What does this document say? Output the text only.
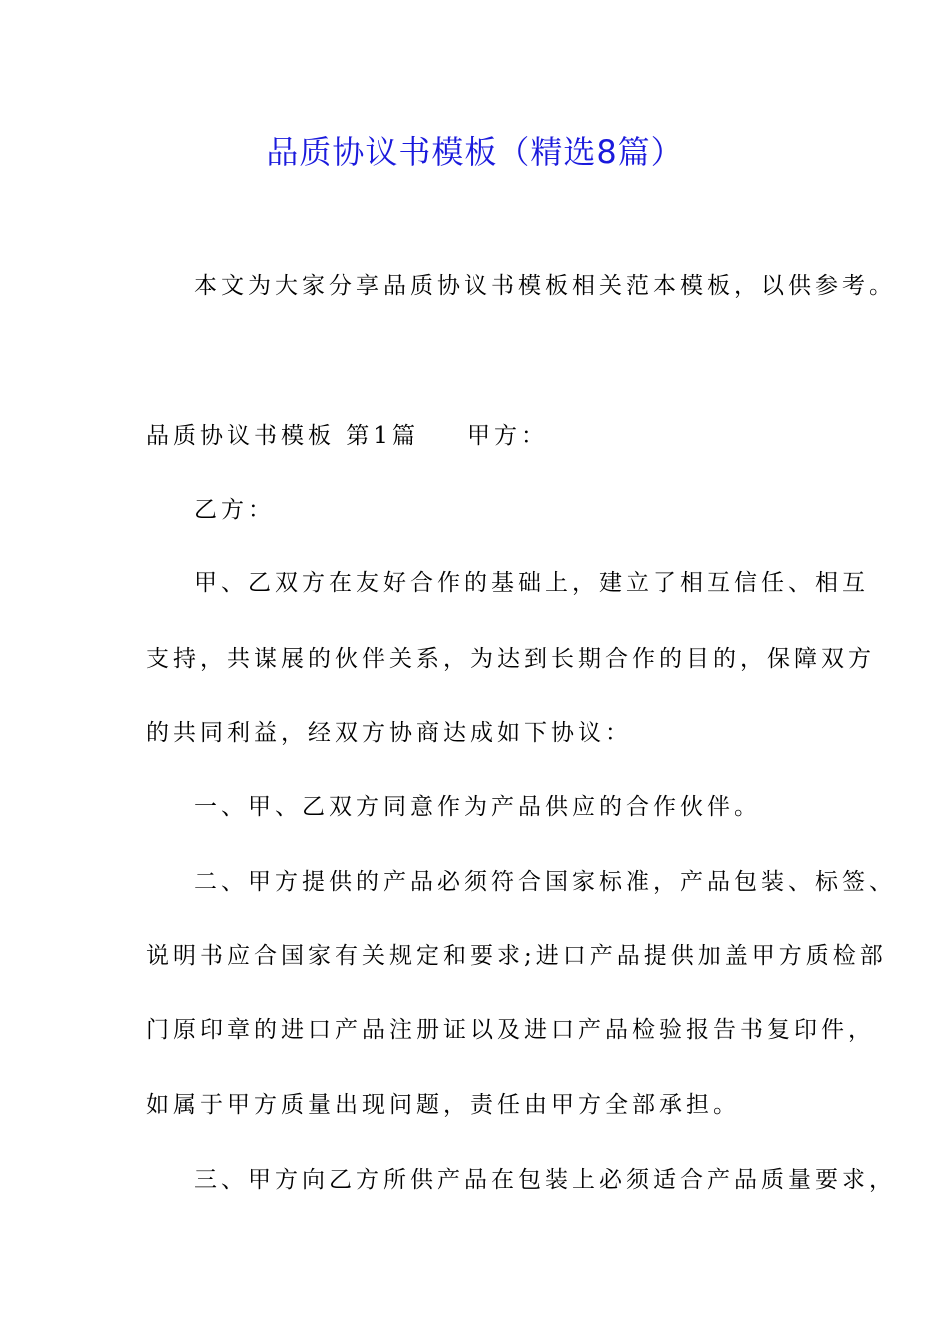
品质协议书模板（精选8篇）
本文为大家分享品质协议书模板相关范本模板，以供参考。
品质协议书模板 第1篇 甲方：
乙方：
甲、乙双方在友好合作的基础上，建立了相互信任、相互
支持，共谋展的伙伴关系，为达到长期合作的目的，保障双方
的共同利益，经双方协商达成如下协议：
一、甲、乙双方同意作为产品供应的合作伙伴。
二、甲方提供的产品必须符合国家标准，产品包装、标签、
说明书应合国家有关规定和要求;进口产品提供加盖甲方质检部
门原印章的进口产品注册证以及进口产品检验报告书复印件，
如属于甲方质量出现问题，责任由甲方全部承担。
三、甲方向乙方所供产品在包装上必须适合产品质量要求，
